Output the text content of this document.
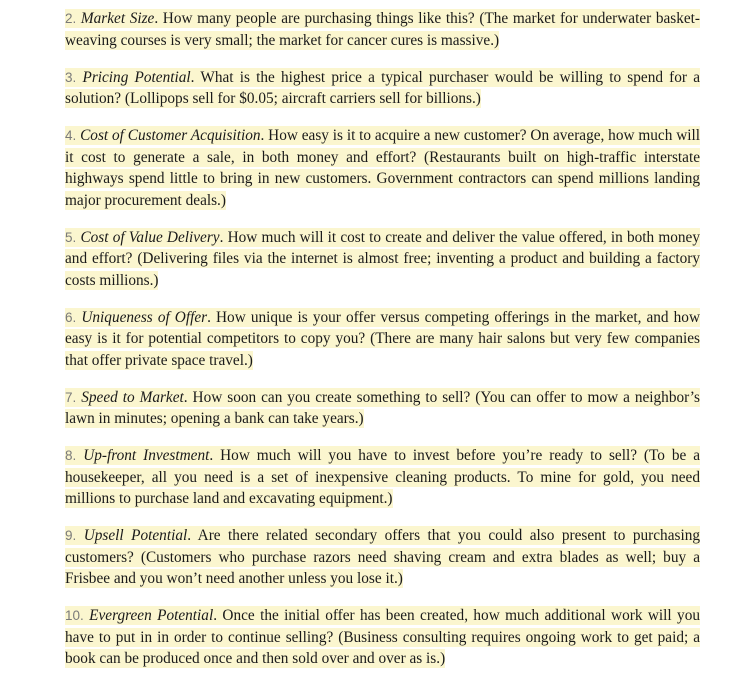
2. Market Size. How many people are purchasing things like this? (The market for underwater basket-weaving courses is very small; the market for cancer cures is massive.)

3. Pricing Potential. What is the highest price a typical purchaser would be willing to spend for a solution? (Lollipops sell for $0.05; aircraft carriers sell for billions.)

4. Cost of Customer Acquisition. How easy is it to acquire a new customer? On average, how much will it cost to generate a sale, in both money and effort? (Restaurants built on high-traffic interstate highways spend little to bring in new customers. Government contractors can spend millions landing major procurement deals.)

5. Cost of Value Delivery. How much will it cost to create and deliver the value offered, in both money and effort? (Delivering files via the internet is almost free; inventing a product and building a factory costs millions.)

6. Uniqueness of Offer. How unique is your offer versus competing offerings in the market, and how easy is it for potential competitors to copy you? (There are many hair salons but very few companies that offer private space travel.)

7. Speed to Market. How soon can you create something to sell? (You can offer to mow a neighbor’s lawn in minutes; opening a bank can take years.)

8. Up-front Investment. How much will you have to invest before you’re ready to sell? (To be a housekeeper, all you need is a set of inexpensive cleaning products. To mine for gold, you need millions to purchase land and excavating equipment.)

9. Upsell Potential. Are there related secondary offers that you could also present to purchasing customers? (Customers who purchase razors need shaving cream and extra blades as well; buy a Frisbee and you won’t need another unless you lose it.)

10. Evergreen Potential. Once the initial offer has been created, how much additional work will you have to put in in order to continue selling? (Business consulting requires ongoing work to get paid; a book can be produced once and then sold over and over as is.)
